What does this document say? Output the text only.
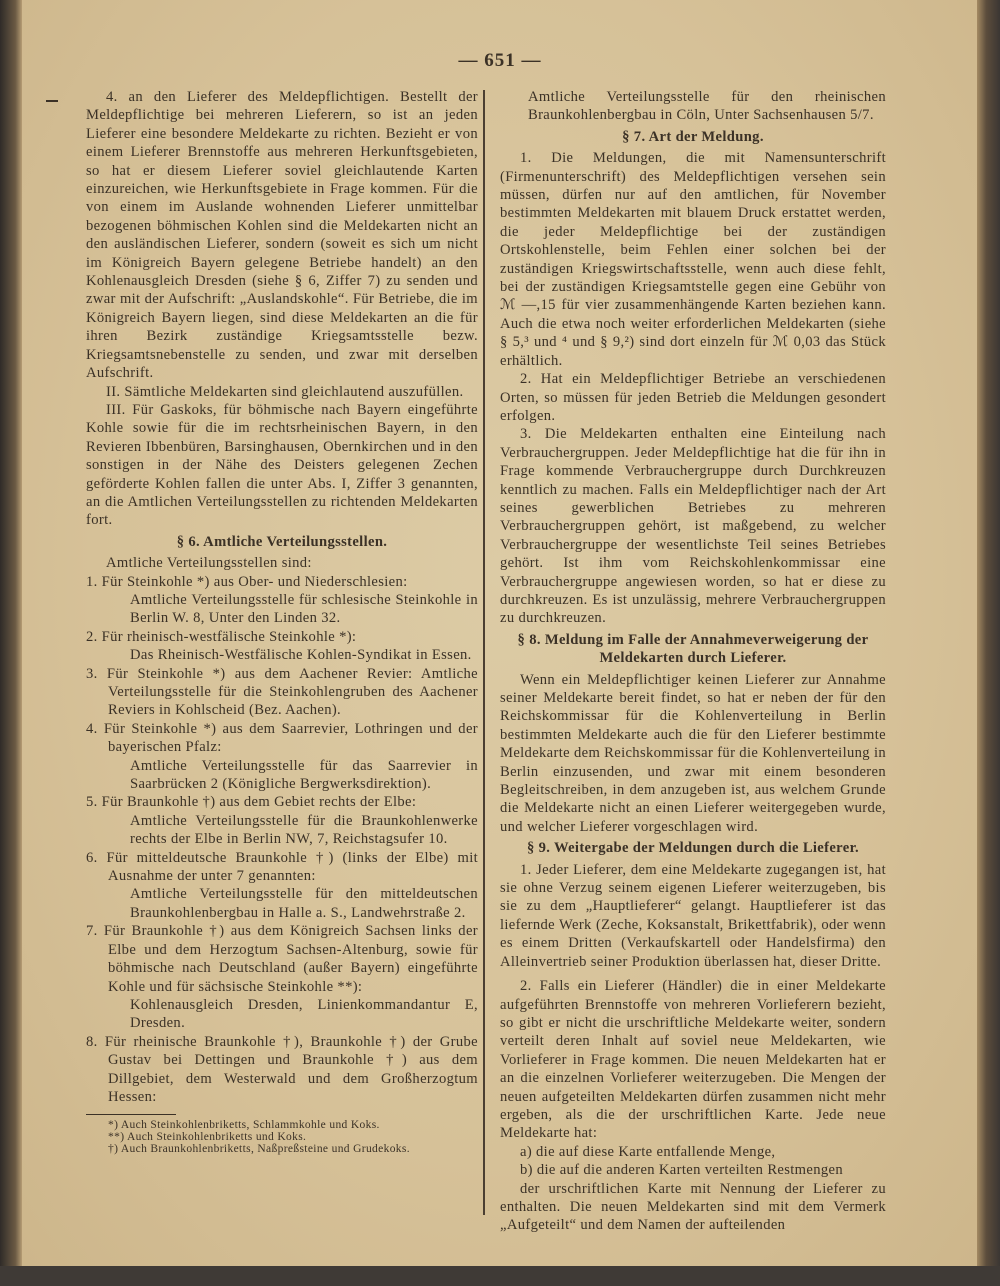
— 651 —

4. an den Lieferer des Meldepflichtigen. Bestellt der Meldepflichtige bei mehreren Lieferern, so ist an jeden Lieferer eine besondere Meldekarte zu richten. Bezieht er von einem Lieferer Brennstoffe aus mehreren Herkunftsgebieten, so hat er diesem Lieferer soviel gleichlautende Karten einzureichen, wie Herkunftsgebiete in Frage kommen. Für die von einem im Auslande wohnenden Lieferer unmittelbar bezogenen böhmischen Kohlen sind die Meldekarten nicht an den ausländischen Lieferer, sondern (soweit es sich um nicht im Königreich Bayern gelegene Betriebe handelt) an den Kohlenausgleich Dresden (siehe § 6, Ziffer 7) zu senden und zwar mit der Aufschrift: „Auslandskohle“. Für Betriebe, die im Königreich Bayern liegen, sind diese Meldekarten an die für ihren Bezirk zuständige Kriegsamtsstelle bezw. Kriegsamtsnebenstelle zu senden, und zwar mit derselben Aufschrift.

II. Sämtliche Meldekarten sind gleichlautend auszufüllen.

III. Für Gaskoks, für böhmische nach Bayern eingeführte Kohle sowie für die im rechtsrheinischen Bayern, in den Revieren Ibbenbüren, Barsinghausen, Obernkirchen und in den sonstigen in der Nähe des Deisters gelegenen Zechen geförderte Kohlen fallen die unter Abs. I, Ziffer 3 genannten, an die Amtlichen Verteilungsstellen zu richtenden Meldekarten fort.

§ 6. Amtliche Verteilungsstellen.

Amtliche Verteilungsstellen sind:

1. Für Steinkohle *) aus Ober- und Niederschlesien:

Amtliche Verteilungsstelle für schlesische Steinkohle in Berlin W. 8, Unter den Linden 32.

2. Für rheinisch-westfälische Steinkohle *):

Das Rheinisch-Westfälische Kohlen-Syndikat in Essen.

3. Für Steinkohle *) aus dem Aachener Revier: Amtliche Verteilungsstelle für die Steinkohlengruben des Aachener Reviers in Kohlscheid (Bez. Aachen).

4. Für Steinkohle *) aus dem Saarrevier, Lothringen und der bayerischen Pfalz:

Amtliche Verteilungsstelle für das Saarrevier in Saarbrücken 2 (Königliche Bergwerksdirektion).

5. Für Braunkohle †) aus dem Gebiet rechts der Elbe:

Amtliche Verteilungsstelle für die Braunkohlenwerke rechts der Elbe in Berlin NW, 7, Reichstagsufer 10.

6. Für mitteldeutsche Braunkohle †) (links der Elbe) mit Ausnahme der unter 7 genannten:

Amtliche Verteilungsstelle für den mitteldeutschen Braunkohlenbergbau in Halle a. S., Landwehrstraße 2.

7. Für Braunkohle †) aus dem Königreich Sachsen links der Elbe und dem Herzogtum Sachsen-Altenburg, sowie für böhmische nach Deutschland (außer Bayern) eingeführte Kohle und für sächsische Steinkohle **):

Kohlenausgleich Dresden, Linienkommandantur E, Dresden.

8. Für rheinische Braunkohle †), Braunkohle †) der Grube Gustav bei Dettingen und Braunkohle †) aus dem Dillgebiet, dem Westerwald und dem Großherzogtum Hessen:

*) Auch Steinkohlenbriketts, Schlammkohle und Koks.

**) Auch Steinkohlenbriketts und Koks.

†) Auch Braunkohlenbriketts, Naßpreßsteine und Grudekoks.

Amtliche Verteilungsstelle für den rheinischen Braunkohlenbergbau in Cöln, Unter Sachsenhausen 5/7.

§ 7. Art der Meldung.

1. Die Meldungen, die mit Namensunterschrift (Firmenunterschrift) des Meldepflichtigen versehen sein müssen, dürfen nur auf den amtlichen, für November bestimmten Meldekarten mit blauem Druck erstattet werden, die jeder Meldepflichtige bei der zuständigen Ortskohlenstelle, beim Fehlen einer solchen bei der zuständigen Kriegswirtschaftsstelle, wenn auch diese fehlt, bei der zuständigen Kriegsamtstelle gegen eine Gebühr von ℳ —,15 für vier zusammenhängende Karten beziehen kann. Auch die etwa noch weiter erforderlichen Meldekarten (siehe § 5,³ und ⁴ und § 9,²) sind dort einzeln für ℳ 0,03 das Stück erhältlich.

2. Hat ein Meldepflichtiger Betriebe an verschiedenen Orten, so müssen für jeden Betrieb die Meldungen gesondert erfolgen.

3. Die Meldekarten enthalten eine Einteilung nach Verbrauchergruppen. Jeder Meldepflichtige hat die für ihn in Frage kommende Verbrauchergruppe durch Durchkreuzen kenntlich zu machen. Falls ein Meldepflichtiger nach der Art seines gewerblichen Betriebes zu mehreren Verbrauchergruppen gehört, ist maßgebend, zu welcher Verbrauchergruppe der wesentlichste Teil seines Betriebes gehört. Ist ihm vom Reichskohlenkommissar eine Verbrauchergruppe angewiesen worden, so hat er diese zu durchkreuzen. Es ist unzulässig, mehrere Verbrauchergruppen zu durchkreuzen.

§ 8. Meldung im Falle der Annahmeverweigerung der Meldekarten durch Lieferer.

Wenn ein Meldepflichtiger keinen Lieferer zur Annahme seiner Meldekarte bereit findet, so hat er neben der für den Reichskommissar für die Kohlenverteilung in Berlin bestimmten Meldekarte auch die für den Lieferer bestimmte Meldekarte dem Reichskommissar für die Kohlenverteilung in Berlin einzusenden, und zwar mit einem besonderen Begleitschreiben, in dem anzugeben ist, aus welchem Grunde die Meldekarte nicht an einen Lieferer weitergegeben wurde, und welcher Lieferer vorgeschlagen wird.

§ 9. Weitergabe der Meldungen durch die Lieferer.

1. Jeder Lieferer, dem eine Meldekarte zugegangen ist, hat sie ohne Verzug seinem eigenen Lieferer weiterzugeben, bis sie zu dem „Hauptlieferer“ gelangt. Hauptlieferer ist das liefernde Werk (Zeche, Koksanstalt, Brikettfabrik), oder wenn es einem Dritten (Verkaufskartell oder Handelsfirma) den Alleinvertrieb seiner Produktion überlassen hat, dieser Dritte.

2. Falls ein Lieferer (Händler) die in einer Meldekarte aufgeführten Brennstoffe von mehreren Vorlieferern bezieht, so gibt er nicht die urschriftliche Meldekarte weiter, sondern verteilt deren Inhalt auf soviel neue Meldekarten, wie Vorlieferer in Frage kommen. Die neuen Meldekarten hat er an die einzelnen Vorlieferer weiterzugeben. Die Mengen der neuen aufgeteilten Meldekarten dürfen zusammen nicht mehr ergeben, als die der urschriftlichen Karte. Jede neue Meldekarte hat:

a) die auf diese Karte entfallende Menge,

b) die auf die anderen Karten verteilten Restmengen

der urschriftlichen Karte mit Nennung der Lieferer zu enthalten. Die neuen Meldekarten sind mit dem Vermerk „Aufgeteilt“ und dem Namen der aufteilenden
